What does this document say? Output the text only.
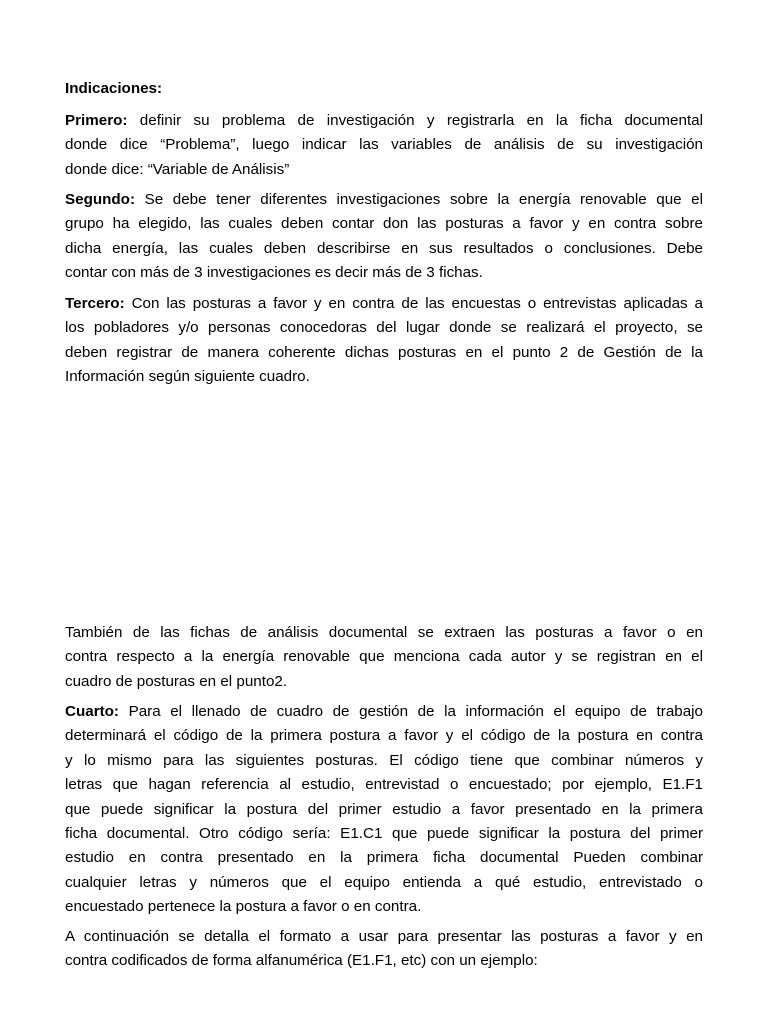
Indicaciones:
Primero: definir su problema de investigación y registrarla en la ficha documental
donde dice “Problema”, luego indicar las variables de análisis de su investigación
donde dice: “Variable de Análisis”
Segundo: Se debe tener diferentes investigaciones sobre la energía renovable que el
grupo ha elegido, las cuales deben contar don las posturas a favor y en contra sobre
dicha energía, las cuales deben describirse en sus resultados o conclusiones. Debe
contar con más de 3 investigaciones es decir más de 3 fichas.
Tercero: Con las posturas a favor y en contra de las encuestas o entrevistas aplicadas a
los pobladores y/o personas conocedoras del lugar donde se realizará el proyecto, se
deben registrar de manera coherente dichas posturas en el punto 2 de Gestión de la
Información según siguiente cuadro.
También de las fichas de análisis documental se extraen las posturas a favor o en
contra respecto a la energía renovable que menciona cada autor y se registran en el
cuadro de posturas en el punto2.
Cuarto: Para el llenado de cuadro de gestión de la información el equipo de trabajo
determinará el código de la primera postura a favor y el código de la postura en contra
y lo mismo para las siguientes posturas. El código tiene que combinar números y
letras que hagan referencia al estudio, entrevistad o encuestado; por ejemplo, E1.F1
que puede significar la postura del primer estudio a favor presentado en la primera
ficha documental. Otro código sería: E1.C1 que puede significar la postura del primer
estudio en contra presentado en la primera ficha documental Pueden combinar
cualquier letras y números que el equipo entienda a qué estudio, entrevistado o
encuestado pertenece la postura a favor o en contra.
A continuación se detalla el formato a usar para presentar las posturas a favor y en
contra codificados de forma alfanumérica (E1.F1, etc) con un ejemplo:
